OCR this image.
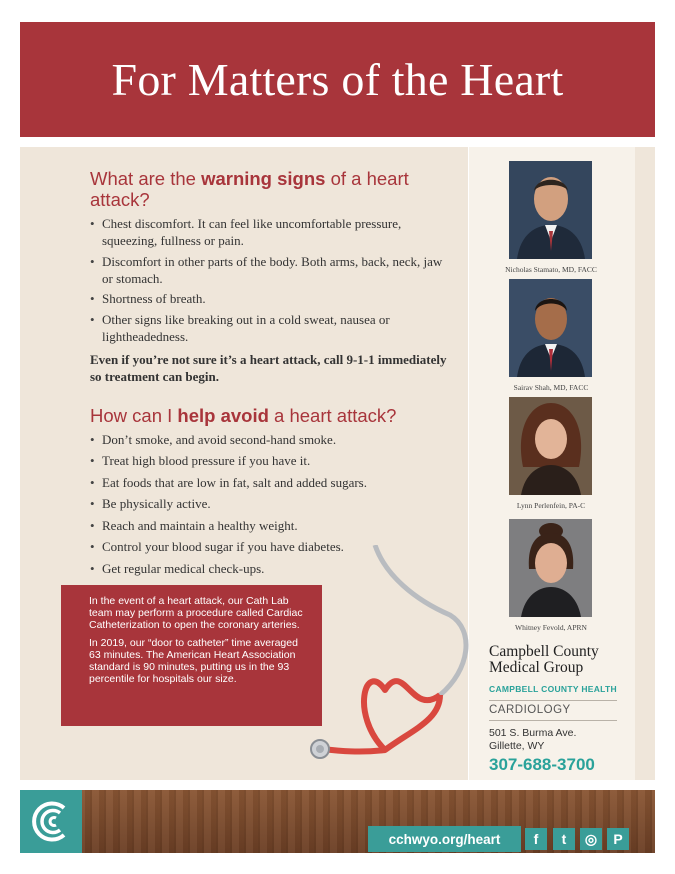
For Matters of the Heart
What are the warning signs of a heart attack?
• Chest discomfort. It can feel like uncomfortable pressure, squeezing, fullness or pain.
• Discomfort in other parts of the body. Both arms, back, neck, jaw or stomach.
• Shortness of breath.
• Other signs like breaking out in a cold sweat, nausea or lightheadedness.

Even if you’re not sure it’s a heart attack, call 9-1-1 immediately so treatment can begin.

How can I help avoid a heart attack?
• Don’t smoke, and avoid second-hand smoke.
• Treat high blood pressure if you have it.
• Eat foods that are low in fat, salt and added sugars.
• Be physically active.
• Reach and maintain a healthy weight.
• Control your blood sugar if you have diabetes.
• Get regular medical check-ups.
•

In the event of a heart attack, our Cath Lab team may perform a procedure called Cardiac Catheterization to open the coronary arteries.

In 2019, our “door to catheter” time averaged 63 minutes. The American Heart Association standard is 90 minutes, putting us in the 93 percentile for hospitals our size.

Nicholas Stamato, MD, FACC
Sairav Shah, MD, FACC
Lynn Perlenfein, PA-C
Whitney Fevold, APRN
Campbell County
Medical Group
CAMPBELL COUNTY HEALTH
CARDIOLOGY
501 S. Burma Ave.
Gillette, WY
307-688-3700
cchwyo.org/heart	f	t	◎	P
